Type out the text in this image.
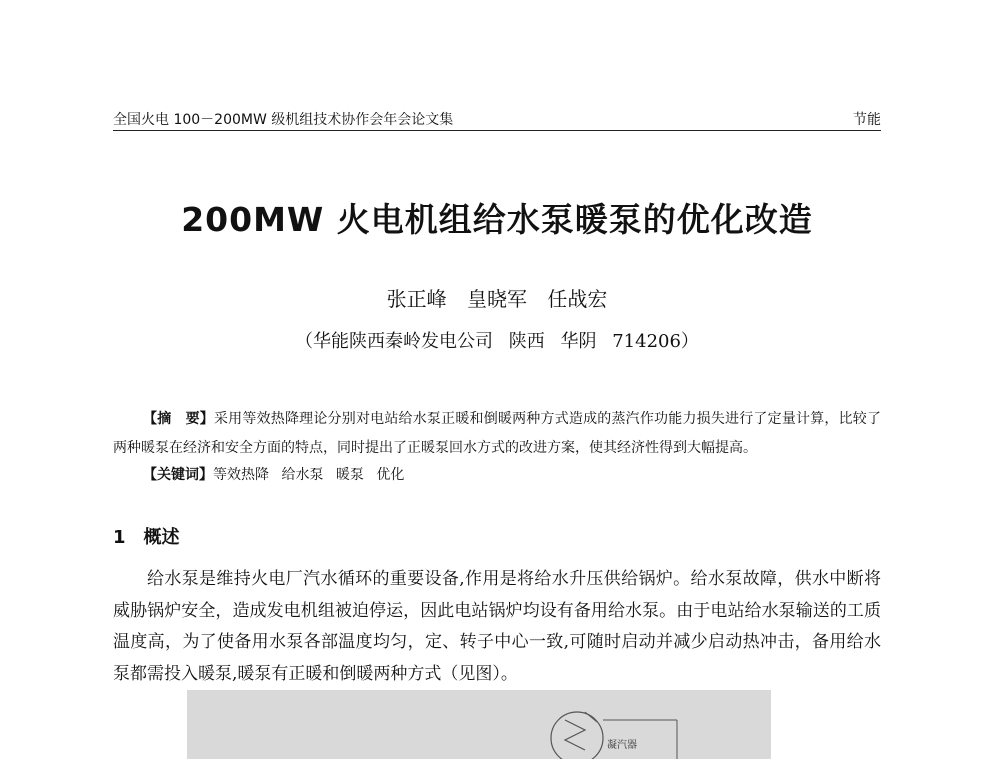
全国火电 100－200MW 级机组技术协作会年会论文集	节能
200MW 火电机组给水泵暖泵的优化改造
张正峰 皇晓军 任战宏
（华能陕西秦岭发电公司 陕西 华阴 714206）
【摘　要】采用等效热降理论分别对电站给水泵正暖和倒暖两种方式造成的蒸汽作功能力损失进行了定量计算，比较了两种暖泵在经济和安全方面的特点，同时提出了正暖泵回水方式的改进方案，使其经济性得到大幅提高。
【关键词】等效热降 给水泵 暖泵 优化
1 概述
给水泵是维持火电厂汽水循环的重要设备,作用是将给水升压供给锅炉。给水泵故障，供水中断将威胁锅炉安全，造成发电机组被迫停运，因此电站锅炉均设有备用给水泵。由于电站给水泵输送的工质温度高，为了使备用水泵各部温度均匀，定、转子中心一致,可随时启动并减少启动热冲击，备用给水泵都需投入暖泵,暖泵有正暖和倒暖两种方式（见图）。
凝汽器
